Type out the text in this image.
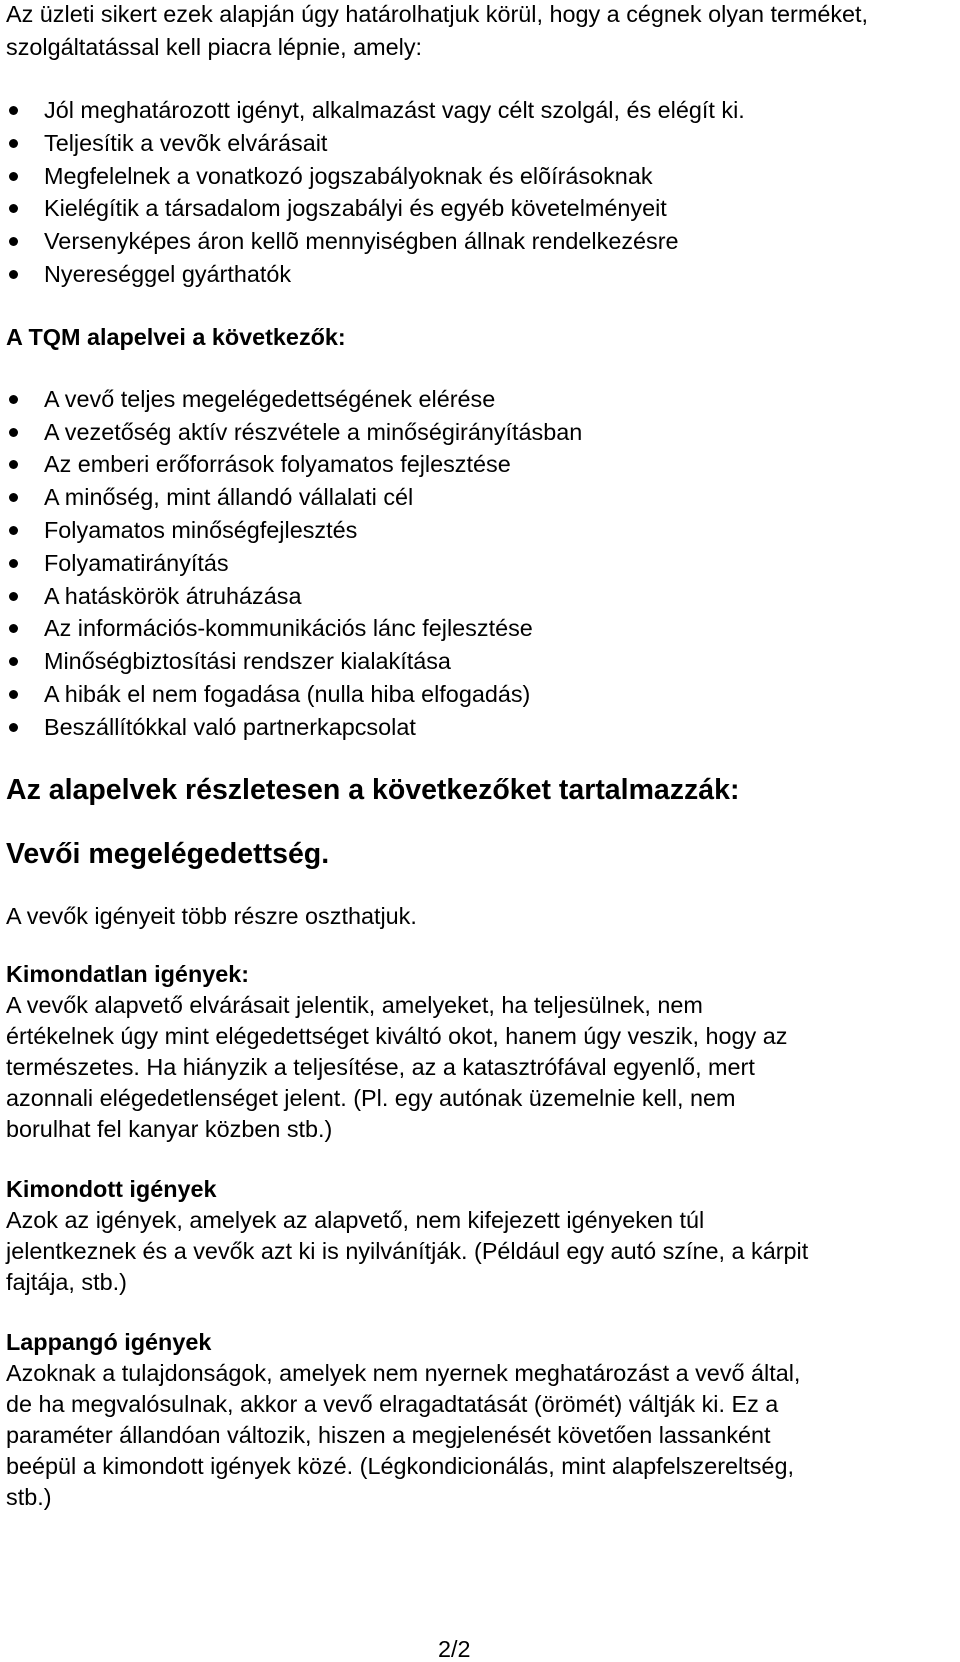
Az üzleti sikert ezek alapján úgy határolhatjuk körül, hogy a cégnek olyan terméket, szolgáltatással kell piacra lépnie, amely:

Jól meghatározott igényt, alkalmazást vagy célt szolgál, és elégít ki.
Teljesítik a vevõk elvárásait
Megfelelnek a vonatkozó jogszabályoknak és elõírásoknak
Kielégítik a társadalom jogszabályi és egyéb követelményeit
Versenyképes áron kellõ mennyiségben állnak rendelkezésre
Nyereséggel gyárthatók

A TQM alapelvei a következők:

A vevő teljes megelégedettségének elérése
A vezetőség aktív részvétele a minőségirányításban
Az emberi erőforrások folyamatos fejlesztése
A minőség, mint állandó vállalati cél
Folyamatos minőségfejlesztés
Folyamatirányítás
A hatáskörök átruházása
Az információs-kommunikációs lánc fejlesztése
Minőségbiztosítási rendszer kialakítása
A hibák el nem fogadása (nulla hiba elfogadás)
Beszállítókkal való partnerkapcsolat

Az alapelvek részletesen a következőket tartalmazzák:

Vevői megelégedettség.

A vevők igényeit több részre oszthatjuk.

Kimondatlan igények:

A vevők alapvető elvárásait jelentik, amelyeket, ha teljesülnek, nem

értékelnek úgy mint elégedettséget kiváltó okot, hanem úgy veszik, hogy az

természetes. Ha hiányzik a teljesítése, az a katasztrófával egyenlő, mert

azonnali elégedetlenséget jelent. (Pl. egy autónak üzemelnie kell, nem

borulhat fel kanyar közben stb.)

Kimondott igények

Azok az igények, amelyek az alapvető, nem kifejezett igényeken túl

jelentkeznek és a vevők azt ki is nyilvánítják. (Például egy autó színe, a kárpit

fajtája, stb.)

Lappangó igények

Azoknak a tulajdonságok, amelyek nem nyernek meghatározást a vevő által,

de ha megvalósulnak, akkor a vevő elragadtatását (örömét) váltják ki. Ez a

paraméter állandóan változik, hiszen a megjelenését követően lassanként

beépül a kimondott igények közé. (Légkondicionálás, mint alapfelszereltség,

stb.)

2/2
